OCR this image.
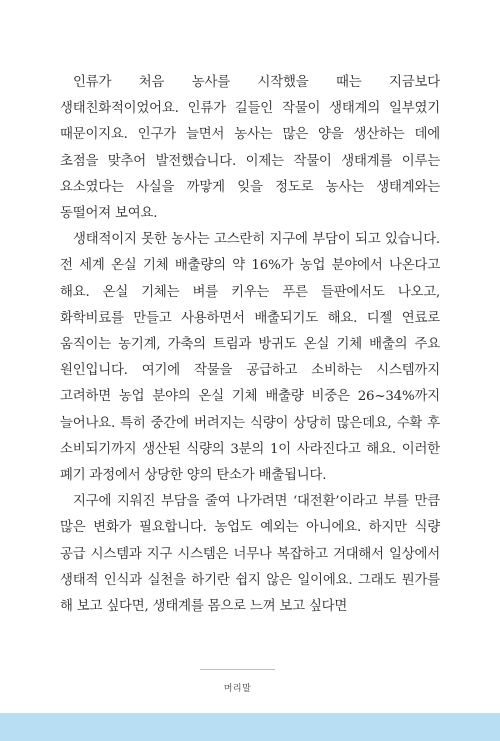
인류가 처음 농사를 시작했을 때는 지금보다 생태친화적이었어요. 인류가 길들인 작물이 생태계의 일부였기 때문이지요. 인구가 늘면서 농사는 많은 양을 생산하는 데에 초점을 맞추어 발전했습니다. 이제는 작물이 생태계를 이루는 요소였다는 사실을 까맣게 잊을 정도로 농사는 생태계와는 동떨어져 보여요.

생태적이지 못한 농사는 고스란히 지구에 부담이 되고 있습니다. 전 세계 온실 기체 배출량의 약 16%가 농업 분야에서 나온다고 해요. 온실 기체는 벼를 키우는 푸른 들판에서도 나오고, 화학비료를 만들고 사용하면서 배출되기도 해요. 디젤 연료로 움직이는 농기계, 가축의 트림과 방귀도 온실 기체 배출의 주요 원인입니다. 여기에 작물을 공급하고 소비하는 시스템까지 고려하면 농업 분야의 온실 기체 배출량 비중은 26~34%까지 늘어나요. 특히 중간에 버려지는 식량이 상당히 많은데요, 수확 후 소비되기까지 생산된 식량의 3분의 1이 사라진다고 해요. 이러한 폐기 과정에서 상당한 양의 탄소가 배출됩니다.

지구에 지워진 부담을 줄여 나가려면 ‘대전환’이라고 부를 만큼 많은 변화가 필요합니다. 농업도 예외는 아니에요. 하지만 식량 공급 시스템과 지구 시스템은 너무나 복잡하고 거대해서 일상에서 생태적 인식과 실천을 하기란 쉽지 않은 일이에요. 그래도 뭔가를 해 보고 싶다면, 생태계를 몸으로 느껴 보고 싶다면

머리말
